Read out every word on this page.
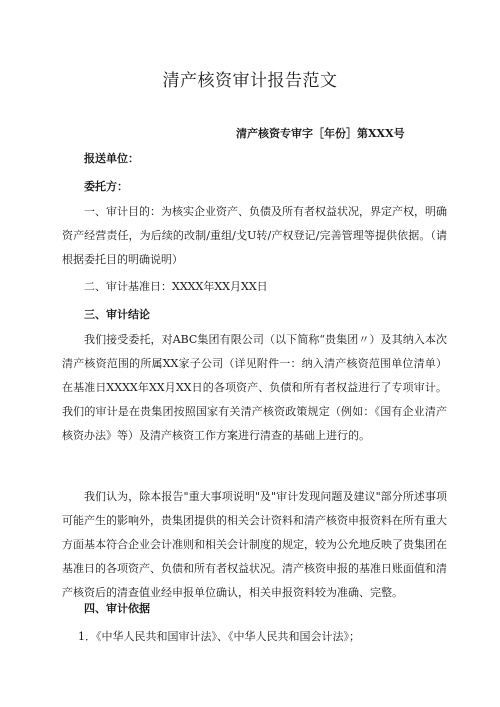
清产核资审计报告范文
清产核资专审字［年份］第XXX号
报送单位：
委托方：
一、审计目的：为核实企业资产、负债及所有者权益状况，界定产权，明确资产经营责任，为后续的改制/重组/戈U转/产权登记/完善管理等提供依据。（请根据委托目的明确说明）
二、审计基准日：XXXX年XX月XX日
三、审计结论
我们接受委托，对ABC集团有限公司（以下简称“贵集团〃）及其纳入本次清产核资范围的所属XX家子公司（详见附件一：纳入清产核资范围单位清单）在基准日XXXX年XX月XX日的各项资产、负债和所有者权益进行了专项审计。我们的审计是在贵集团按照国家有关清产核资政策规定（例如：《国有企业清产核资办法》等）及清产核资工作方案进行清查的基础上进行的。
我们认为，除本报告"重大事项说明"及"审计发现问题及建议"部分所述事项可能产生的影响外，贵集团提供的相关会计资料和清产核资申报资料在所有重大方面基本符合企业会计准则和相关会计制度的规定，较为公允地反映了贵集团在基准日的各项资产、负债和所有者权益状况。清产核资申报的基准日账面值和清产核资后的清查值业经申报单位确认，相关申报资料较为准确、完整。
四、审计依据
1．《中华人民共和国审计法》、《中华人民共和国会计法》；
